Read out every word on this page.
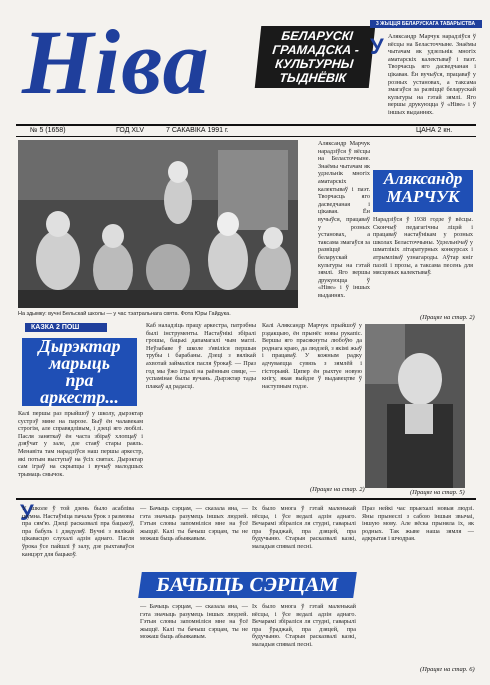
Ніва	БЕЛАРУСКІ ГРАМАДСКА - КУЛЬТУРНЫ ТЫДНЁВІК
3 ЖЫЦЦЯ БЕЛАРУСКАГА ТАВАРЫСТВА
Аляксандр Марчук нарадзіўся ў вёсцы на Беласточчыне. Знаёмы чытачам як удзельнік многіх аматарскіх калектываў і паэт. Творчасць яго дасведчаная і цікавая. Ён вучыўся, працаваў у розных установах, а таксама змагаўся за развіццё беларускай культуры на гэтай зямлі. Яго вершы друкуюцца ў «Ніве» і ў іншых выданнях.
У
№ 5 (1658)	ГОД XLV	7 САКАВІКА 1991 г.	ЦАНА 2 кн.
На здымку: вучні Бельскай школы — у час тэатральнага свята. Фота Юры Гайдука.
КАЗКА 2 ПОШ
Дырэктар
марыць
пра
аркестр...
Калі першы раз прыйшоў у школу, дырэктар сустрэў мяне на парозе. Быў ён чалавекам строгім, але справядлівым, і дзеці яго любілі. Пасля заняткаў ён часта збіраў хлопцаў і дзяўчат у зале, дзе стаяў стары раяль. Менавіта там нарадзіўся наш першы аркестр, які потым выступаў на ўсіх святах. Дырэктар сам іграў на скрыпцы і вучыў малодшых трымаць смычок.
Каб наладзіць працу аркестра, патрэбны былі інструменты. Настаўнікі збіралі грошы, бацькі дапамагалі чым маглі. Неўзабаве ў школе з'явіліся першыя трубы і барабаны. Дзеці з вялікай ахвотай займаліся пасля ўрокаў. — Праз год мы ўжо ігралі на раённым свяце, — успамінае былы вучань. Дырэктар тады плакаў ад радасці.
Калі Аляксандр Марчук прыйшоў у рэдакцыю, ён прынёс новы рукапіс. Вершы яго прасякнуты любоўю да роднага краю, да людзей, з якімі жыў і працаваў. У кожным радку адчуваецца сувязь з зямлёй і гісторыяй. Цяпер ён рыхтуе новую кнігу, якая выйдзе ў выдавецтве ў наступным годзе.
(Працяг на стар. 2)
Аляксандр
МАРЧУК
Аляксандр Марчук нарадзіўся ў вёсцы на Беласточчыне. Знаёмы чытачам як удзельнік многіх аматарскіх калектываў і паэт. Творчасць яго дасведчаная і цікавая. Ён вучыўся, працаваў у розных установах, а таксама змагаўся за развіццё беларускай культуры на гэтай зямлі. Яго вершы друкуюцца ў «Ніве» і ў іншых выданнях.
Нарадзіўся ў 1938 годзе ў вёсцы. Скончыў педагагічны ліцэй і працаваў настаўнікам у розных школах Беласточчыны. Удзельнічаў у шматлікіх літаратурных конкурсах і атрымліваў узнагароды. Аўтар кніг паэзіі і прозы, а таксама песень для мясцовых калектываў.
(Працяг на стар. 2)
(Працяг на стар. 5)
У
У школе ў той дзень было асабліва шумна. Настаўніца пачала ўрок з размовы пра сям'ю. Дзеці расказвалі пра бацькоў, пра бабуль і дзядуляў. Вучні з вялікай цікавасцю слухалі адзін аднаго. Пасля ўрока ўсе пайшлі ў залу, дзе рыхтаваўся канцэрт для бацькоў.
— Бачыць сэрцам, — сказала яна, — гэта значыць разумець іншых людзей. Гэтыя словы запомніліся мне на ўсё жыццё. Калі ты бачыш сэрцам, ты не можаш быць абыякавым.
БАЧЫЦЬ СЭРЦАМ
— Бачыць сэрцам, — сказала яна, — гэта значыць разумець іншых людзей. Гэтыя словы запомніліся мне на ўсё жыццё. Калі ты бачыш сэрцам, ты не можаш быць абыякавым.
Іх было многа ў гэтай маленькай вёсцы, і ўсе ведалі адзін аднаго. Вечарамі збіраліся ля студні, гаварылі пра ўраджай, пра дзяцей, пра будучыню. Старыя расказвалі казкі, маладыя спявалі песні.
Іх было многа ў гэтай маленькай вёсцы, і ўсе ведалі адзін аднаго. Вечарамі збіраліся ля студні, гаварылі пра ўраджай, пра дзяцей, пра будучыню. Старыя расказвалі казкі, маладыя спявалі песні.
Праз нейкі час прыехалі новыя людзі. Яны прынеслі з сабою іншыя звычаі, іншую мову. Але вёска прыняла іх, як родных. Так жыве наша зямля — адкрытая і шчодрая.
(Працяг на стар. 6)
